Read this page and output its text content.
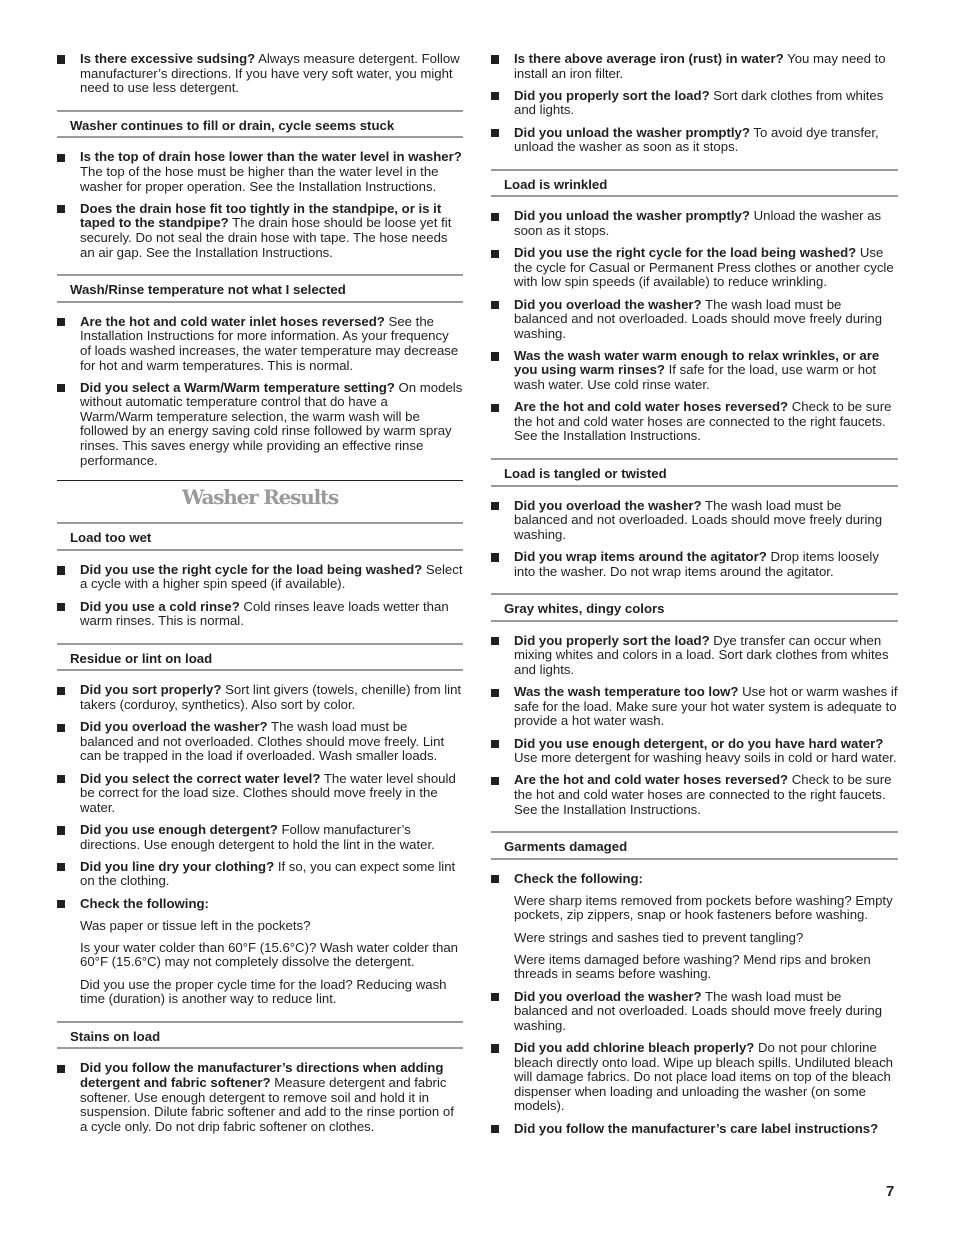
Is there excessive sudsing? Always measure detergent. Follow manufacturer’s directions. If you have very soft water, you might need to use less detergent.
Washer continues to fill or drain, cycle seems stuck
Is the top of drain hose lower than the water level in washer? The top of the hose must be higher than the water level in the washer for proper operation. See the Installation Instructions.
Does the drain hose fit too tightly in the standpipe, or is it taped to the standpipe? The drain hose should be loose yet fit securely. Do not seal the drain hose with tape. The hose needs an air gap. See the Installation Instructions.
Wash/Rinse temperature not what I selected
Are the hot and cold water inlet hoses reversed? See the Installation Instructions for more information. As your frequency of loads washed increases, the water temperature may decrease for hot and warm temperatures. This is normal.
Did you select a Warm/Warm temperature setting? On models without automatic temperature control that do have a Warm/Warm temperature selection, the warm wash will be followed by an energy saving cold rinse followed by warm spray rinses. This saves energy while providing an effective rinse performance.
Washer Results
Load too wet
Did you use the right cycle for the load being washed? Select a cycle with a higher spin speed (if available).
Did you use a cold rinse? Cold rinses leave loads wetter than warm rinses. This is normal.
Residue or lint on load
Did you sort properly? Sort lint givers (towels, chenille) from lint takers (corduroy, synthetics). Also sort by color.
Did you overload the washer? The wash load must be balanced and not overloaded. Clothes should move freely. Lint can be trapped in the load if overloaded. Wash smaller loads.
Did you select the correct water level? The water level should be correct for the load size. Clothes should move freely in the water.
Did you use enough detergent? Follow manufacturer’s directions. Use enough detergent to hold the lint in the water.
Did you line dry your clothing? If so, you can expect some lint on the clothing.
Check the following:
Was paper or tissue left in the pockets?
Is your water colder than 60°F (15.6°C)? Wash water colder than 60°F (15.6°C) may not completely dissolve the detergent.
Did you use the proper cycle time for the load? Reducing wash time (duration) is another way to reduce lint.
Stains on load
Did you follow the manufacturer’s directions when adding detergent and fabric softener? Measure detergent and fabric softener. Use enough detergent to remove soil and hold it in suspension. Dilute fabric softener and add to the rinse portion of a cycle only. Do not drip fabric softener on clothes.
Is there above average iron (rust) in water? You may need to install an iron filter.
Did you properly sort the load? Sort dark clothes from whites and lights.
Did you unload the washer promptly? To avoid dye transfer, unload the washer as soon as it stops.
Load is wrinkled
Did you unload the washer promptly? Unload the washer as soon as it stops.
Did you use the right cycle for the load being washed? Use the cycle for Casual or Permanent Press clothes or another cycle with low spin speeds (if available) to reduce wrinkling.
Did you overload the washer? The wash load must be balanced and not overloaded. Loads should move freely during washing.
Was the wash water warm enough to relax wrinkles, or are you using warm rinses? If safe for the load, use warm or hot wash water. Use cold rinse water.
Are the hot and cold water hoses reversed? Check to be sure the hot and cold water hoses are connected to the right faucets. See the Installation Instructions.
Load is tangled or twisted
Did you overload the washer? The wash load must be balanced and not overloaded. Loads should move freely during washing.
Did you wrap items around the agitator? Drop items loosely into the washer. Do not wrap items around the agitator.
Gray whites, dingy colors
Did you properly sort the load? Dye transfer can occur when mixing whites and colors in a load. Sort dark clothes from whites and lights.
Was the wash temperature too low? Use hot or warm washes if safe for the load. Make sure your hot water system is adequate to provide a hot water wash.
Did you use enough detergent, or do you have hard water? Use more detergent for washing heavy soils in cold or hard water.
Are the hot and cold water hoses reversed? Check to be sure the hot and cold water hoses are connected to the right faucets. See the Installation Instructions.
Garments damaged
Check the following:
Were sharp items removed from pockets before washing? Empty pockets, zip zippers, snap or hook fasteners before washing.
Were strings and sashes tied to prevent tangling?
Were items damaged before washing? Mend rips and broken threads in seams before washing.
Did you overload the washer? The wash load must be balanced and not overloaded. Loads should move freely during washing.
Did you add chlorine bleach properly? Do not pour chlorine bleach directly onto load. Wipe up bleach spills. Undiluted bleach will damage fabrics. Do not place load items on top of the bleach dispenser when loading and unloading the washer (on some models).
Did you follow the manufacturer’s care label instructions?
7
